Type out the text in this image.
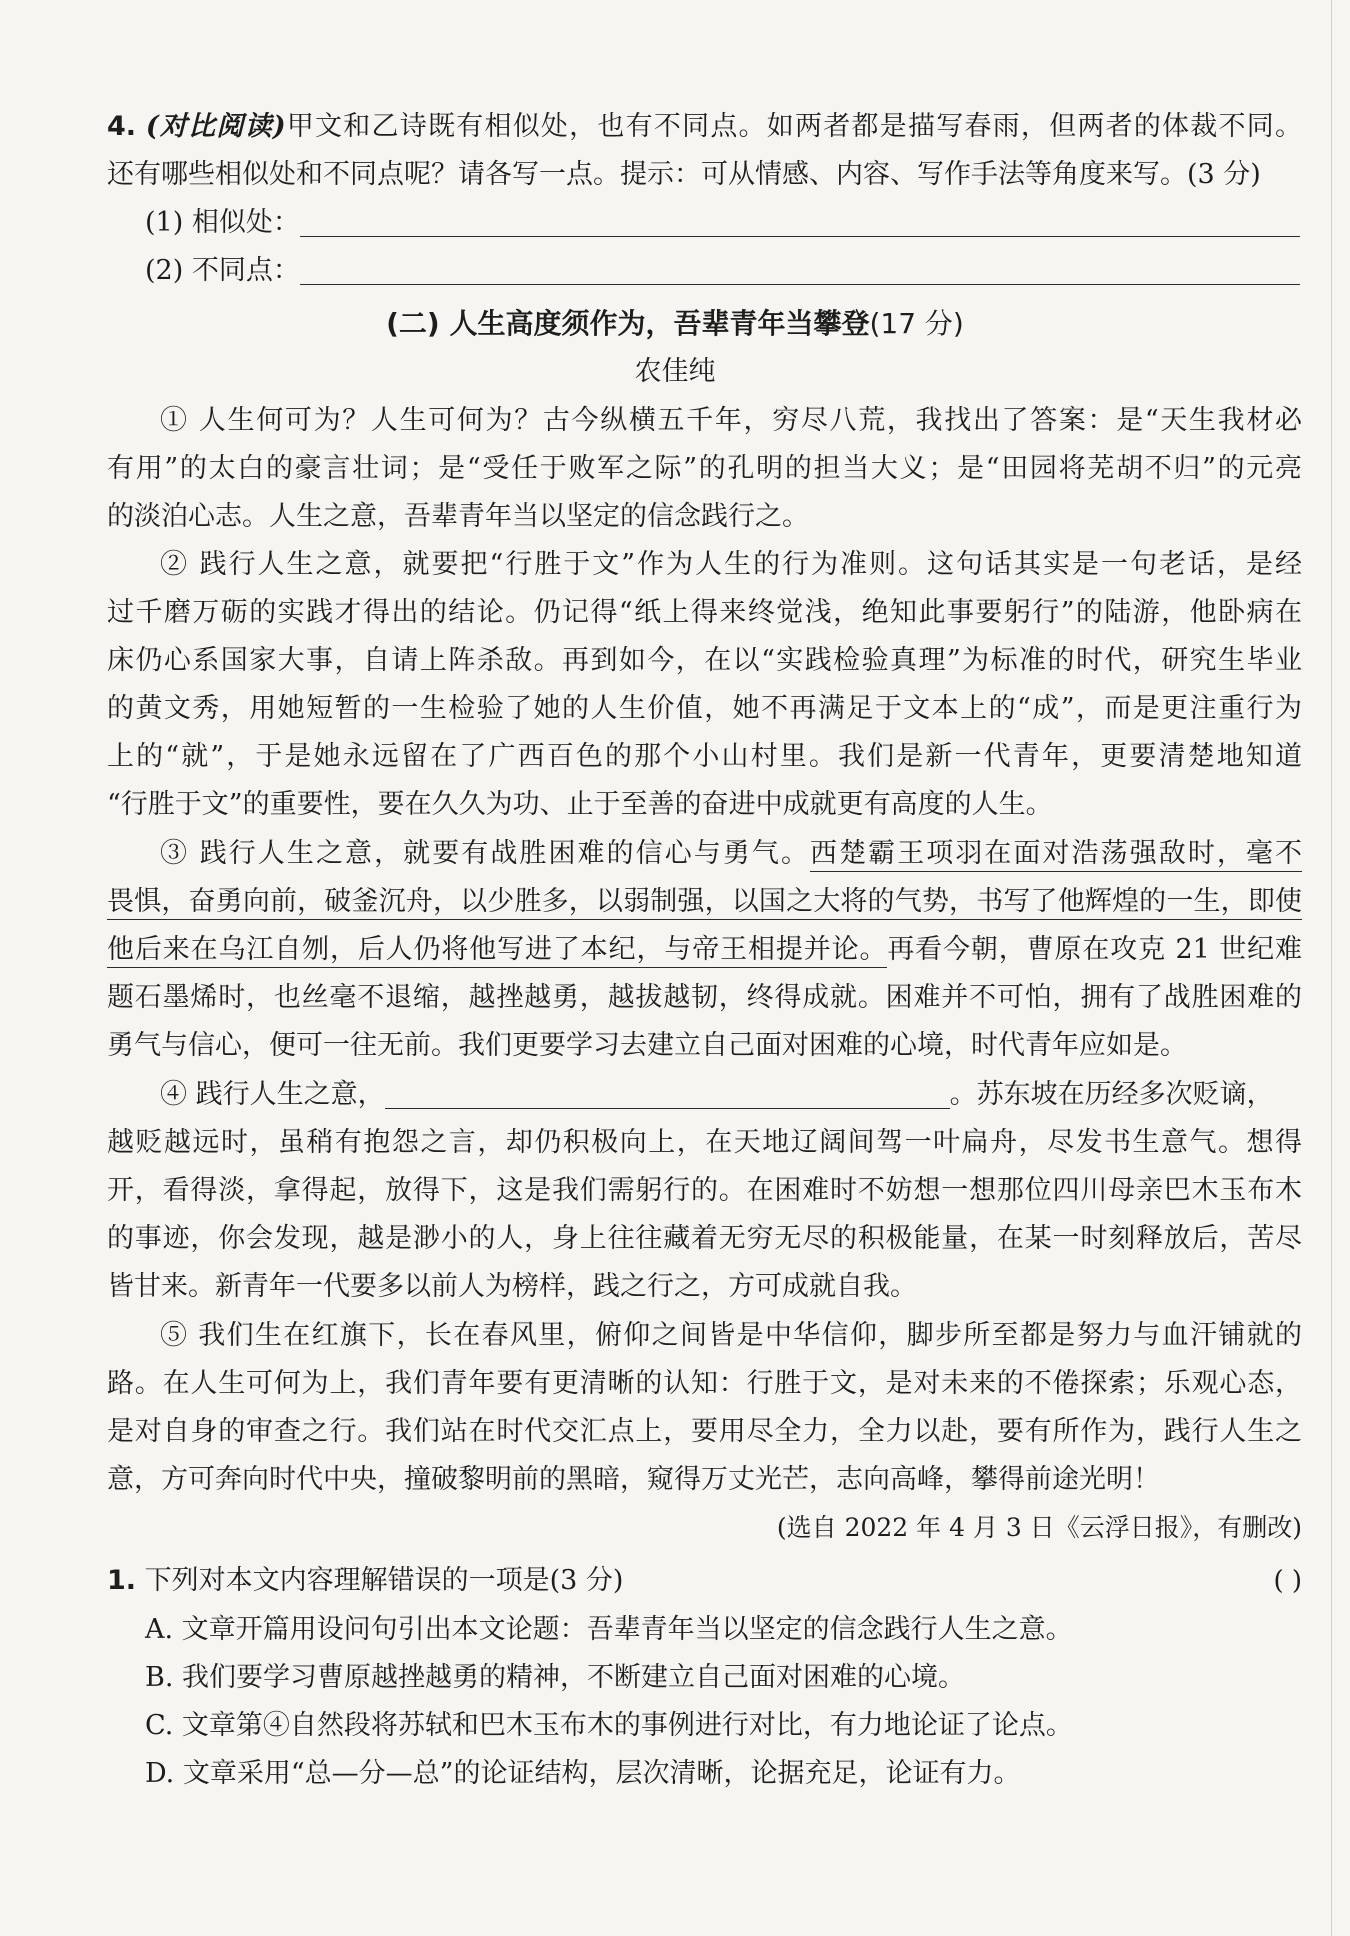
4. (对比阅读)甲文和乙诗既有相似处，也有不同点。如两者都是描写春雨，但两者的体裁不同。
还有哪些相似处和不同点呢？请各写一点。提示：可从情感、内容、写作手法等角度来写。(3 分)
(1) 相似处：
(2) 不同点：
(二) 人生高度须作为，吾辈青年当攀登(17 分)
农佳纯
① 人生何可为？人生可何为？古今纵横五千年，穷尽八荒，我找出了答案：是“天生我材必
有用”的太白的豪言壮词；是“受任于败军之际”的孔明的担当大义；是“田园将芜胡不归”的元亮
的淡泊心志。人生之意，吾辈青年当以坚定的信念践行之。
② 践行人生之意，就要把“行胜于文”作为人生的行为准则。这句话其实是一句老话，是经
过千磨万砺的实践才得出的结论。仍记得“纸上得来终觉浅，绝知此事要躬行”的陆游，他卧病在
床仍心系国家大事，自请上阵杀敌。再到如今，在以“实践检验真理”为标准的时代，研究生毕业
的黄文秀，用她短暂的一生检验了她的人生价值，她不再满足于文本上的“成”，而是更注重行为
上的“就”，于是她永远留在了广西百色的那个小山村里。我们是新一代青年，更要清楚地知道
“行胜于文”的重要性，要在久久为功、止于至善的奋进中成就更有高度的人生。
③ 践行人生之意，就要有战胜困难的信心与勇气。西楚霸王项羽在面对浩荡强敌时，毫不
畏惧，奋勇向前，破釜沉舟，以少胜多，以弱制强，以国之大将的气势，书写了他辉煌的一生，即使
他后来在乌江自刎，后人仍将他写进了本纪，与帝王相提并论。再看今朝，曹原在攻克 21 世纪难
题石墨烯时，也丝毫不退缩，越挫越勇，越拔越韧，终得成就。困难并不可怕，拥有了战胜困难的
勇气与信心，便可一往无前。我们更要学习去建立自己面对困难的心境，时代青年应如是。
④ 践行人生之意，	。苏东坡在历经多次贬谪，
越贬越远时，虽稍有抱怨之言，却仍积极向上，在天地辽阔间驾一叶扁舟，尽发书生意气。想得
开，看得淡，拿得起，放得下，这是我们需躬行的。在困难时不妨想一想那位四川母亲巴木玉布木
的事迹，你会发现，越是渺小的人，身上往往藏着无穷无尽的积极能量，在某一时刻释放后，苦尽
皆甘来。新青年一代要多以前人为榜样，践之行之，方可成就自我。
⑤ 我们生在红旗下，长在春风里，俯仰之间皆是中华信仰，脚步所至都是努力与血汗铺就的
路。在人生可何为上，我们青年要有更清晰的认知：行胜于文，是对未来的不倦探索；乐观心态，
是对自身的审查之行。我们站在时代交汇点上，要用尽全力，全力以赴，要有所作为，践行人生之
意，方可奔向时代中央，撞破黎明前的黑暗，窥得万丈光芒，志向高峰，攀得前途光明！
(选自 2022 年 4 月 3 日《云浮日报》，有删改)
1. 下列对本文内容理解错误的一项是(3 分)	( )
A. 文章开篇用设问句引出本文论题：吾辈青年当以坚定的信念践行人生之意。
B. 我们要学习曹原越挫越勇的精神，不断建立自己面对困难的心境。
C. 文章第④自然段将苏轼和巴木玉布木的事例进行对比，有力地论证了论点。
D. 文章采用“总—分—总”的论证结构，层次清晰，论据充足，论证有力。
